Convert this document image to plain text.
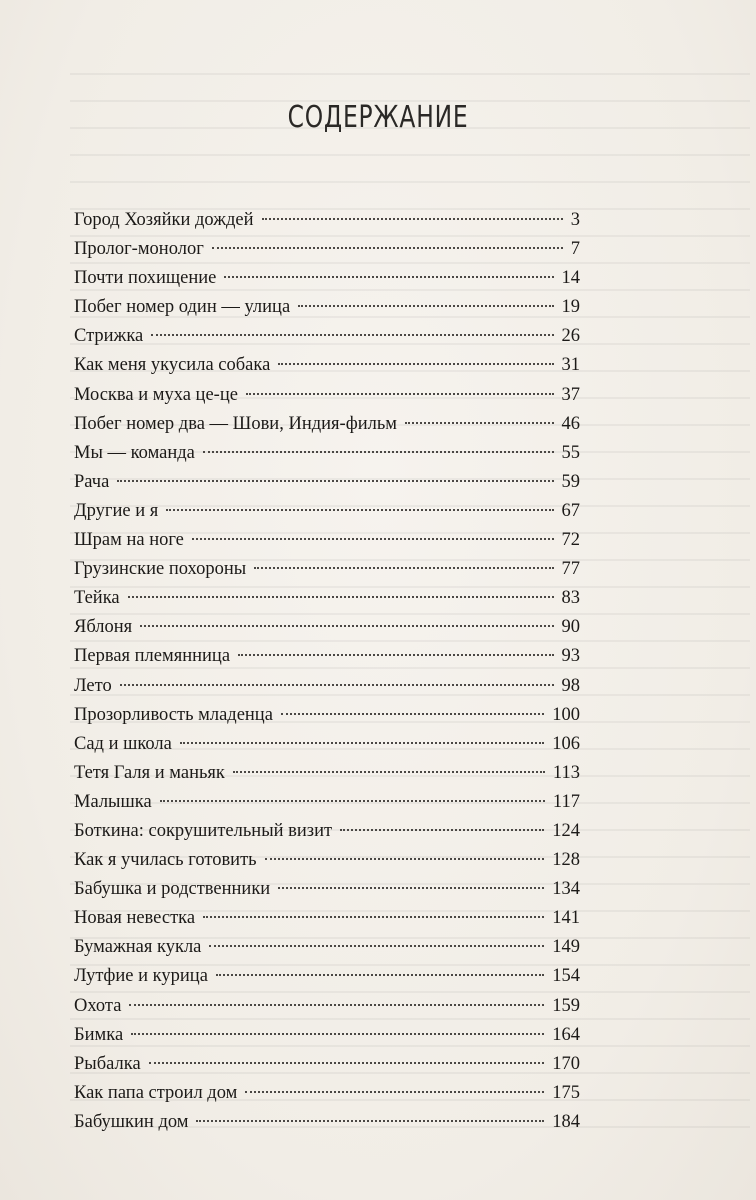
СОДЕРЖАНИЕ
Город Хозяйки дождей	3
Пролог-монолог	7
Почти похищение	14
Побег номер один — улица	19
Стрижка	26
Как меня укусила собака	31
Москва и муха це-це	37
Побег номер два — Шови, Индия-фильм	46
Мы — команда	55
Рача	59
Другие и я	67
Шрам на ноге	72
Грузинские похороны	77
Тейка	83
Яблоня	90
Первая племянница	93
Лето	98
Прозорливость младенца	100
Сад и школа	106
Тетя Галя и маньяк	113
Малышка	117
Боткина: сокрушительный визит	124
Как я училась готовить	128
Бабушка и родственники	134
Новая невестка	141
Бумажная кукла	149
Лутфие и курица	154
Охота	159
Бимка	164
Рыбалка	170
Как папа строил дом	175
Бабушкин дом	184
